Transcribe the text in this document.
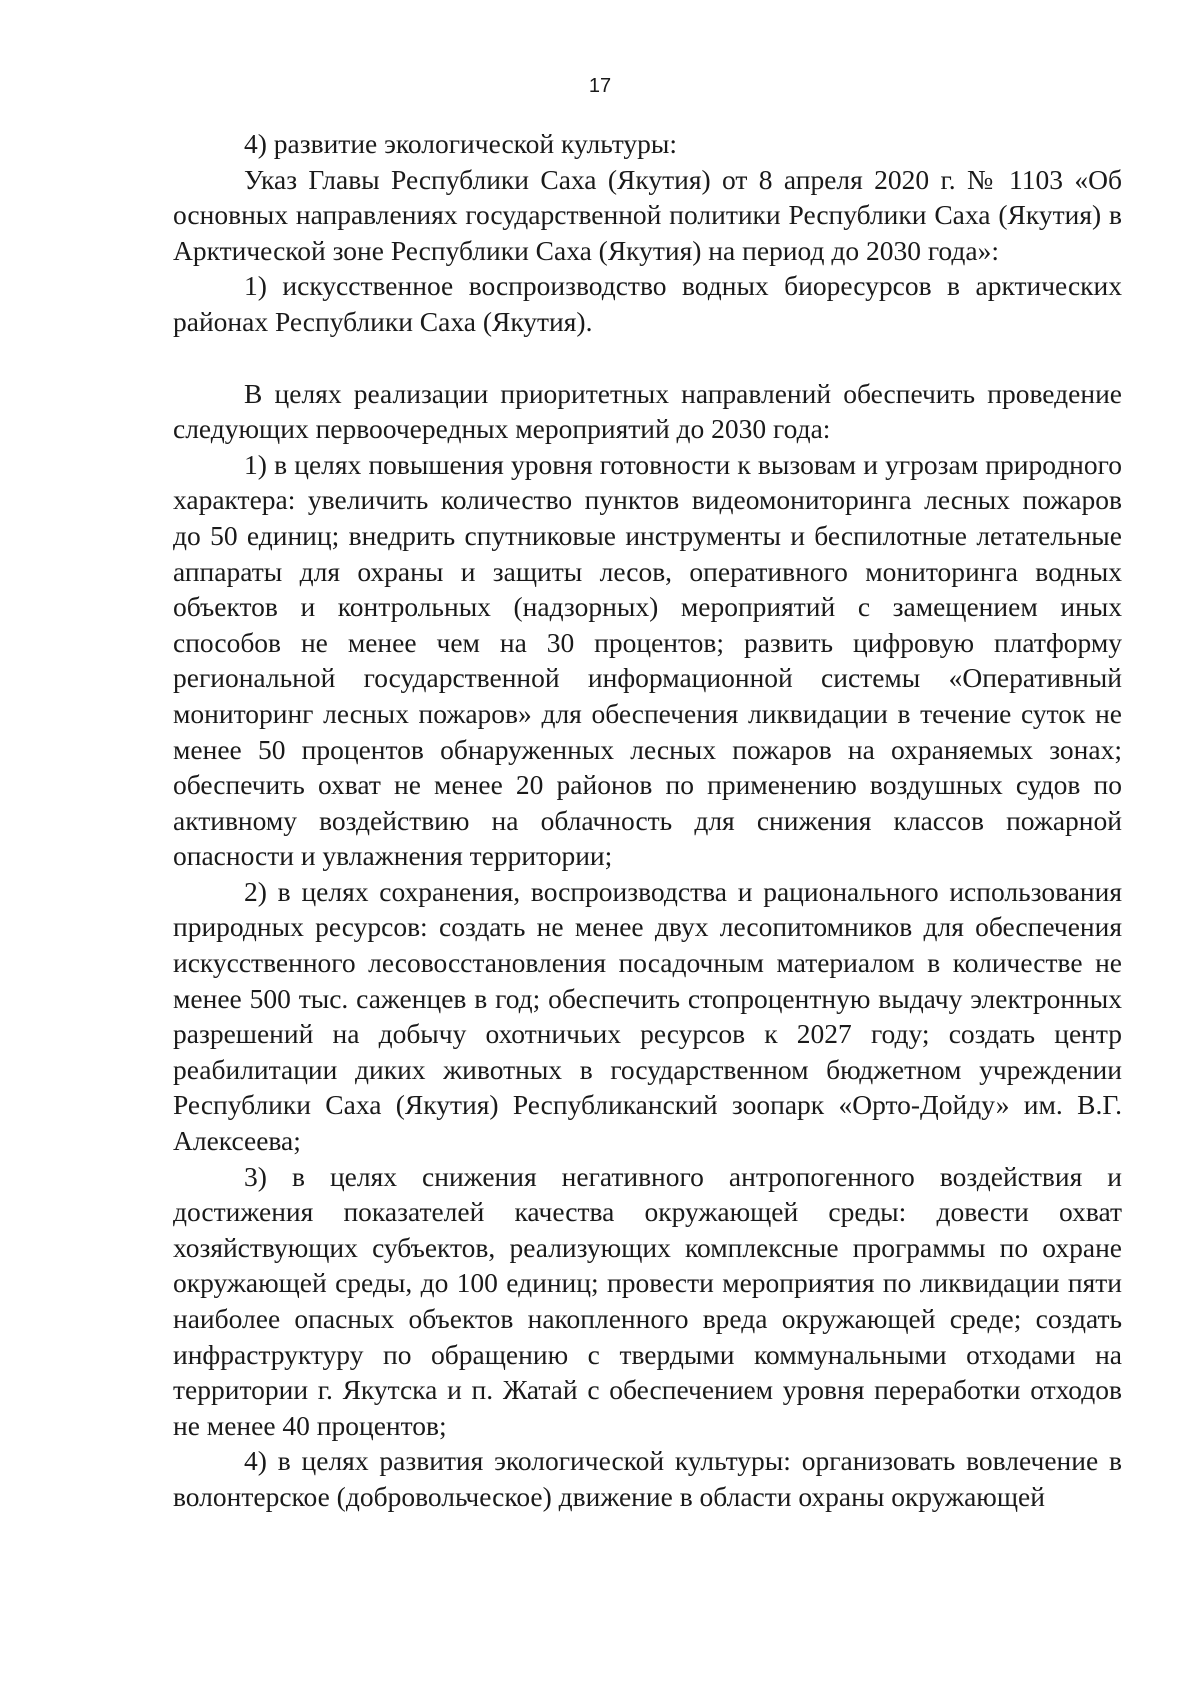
17

4) развитие экологической культуры:

Указ Главы Республики Саха (Якутия) от 8 апреля 2020 г. № 1103 «Об основных направлениях государственной политики Республики Саха (Якутия) в Арктической зоне Республики Саха (Якутия) на период до 2030 года»:

1) искусственное воспроизводство водных биоресурсов в арктических районах Республики Саха (Якутия).

В целях реализации приоритетных направлений обеспечить проведение следующих первоочередных мероприятий до 2030 года:

1) в целях повышения уровня готовности к вызовам и угрозам природного характера: увеличить количество пунктов видеомониторинга лесных пожаров до 50 единиц; внедрить спутниковые инструменты и беспилотные летательные аппараты для охраны и защиты лесов, оперативного мониторинга водных объектов и контрольных (надзорных) мероприятий с замещением иных способов не менее чем на 30 процентов; развить цифровую платформу региональной государственной информационной системы «Оперативный мониторинг лесных пожаров» для обеспечения ликвидации в течение суток не менее 50 процентов обнаруженных лесных пожаров на охраняемых зонах; обеспечить охват не менее 20 районов по применению воздушных судов по активному воздействию на облачность для снижения классов пожарной опасности и увлажнения территории;

2) в целях сохранения, воспроизводства и рационального использования природных ресурсов: создать не менее двух лесопитомников для обеспечения искусственного лесовосстановления посадочным материалом в количестве не менее 500 тыс. саженцев в год; обеспечить стопроцентную выдачу электронных разрешений на добычу охотничьих ресурсов к 2027 году; создать центр реабилитации диких животных в государственном бюджетном учреждении Республики Саха (Якутия) Республиканский зоопарк «Орто-Дойду» им. В.Г. Алексеева;

3) в целях снижения негативного антропогенного воздействия и достижения показателей качества окружающей среды: довести охват хозяйствующих субъектов, реализующих комплексные программы по охране окружающей среды, до 100 единиц; провести мероприятия по ликвидации пяти наиболее опасных объектов накопленного вреда окружающей среде; создать инфраструктуру по обращению с твердыми коммунальными отходами на территории г. Якутска и п. Жатай с обеспечением уровня переработки отходов не менее 40 процентов;

4) в целях развития экологической культуры: организовать вовлечение в волонтерское (добровольческое) движение в области охраны окружающей
